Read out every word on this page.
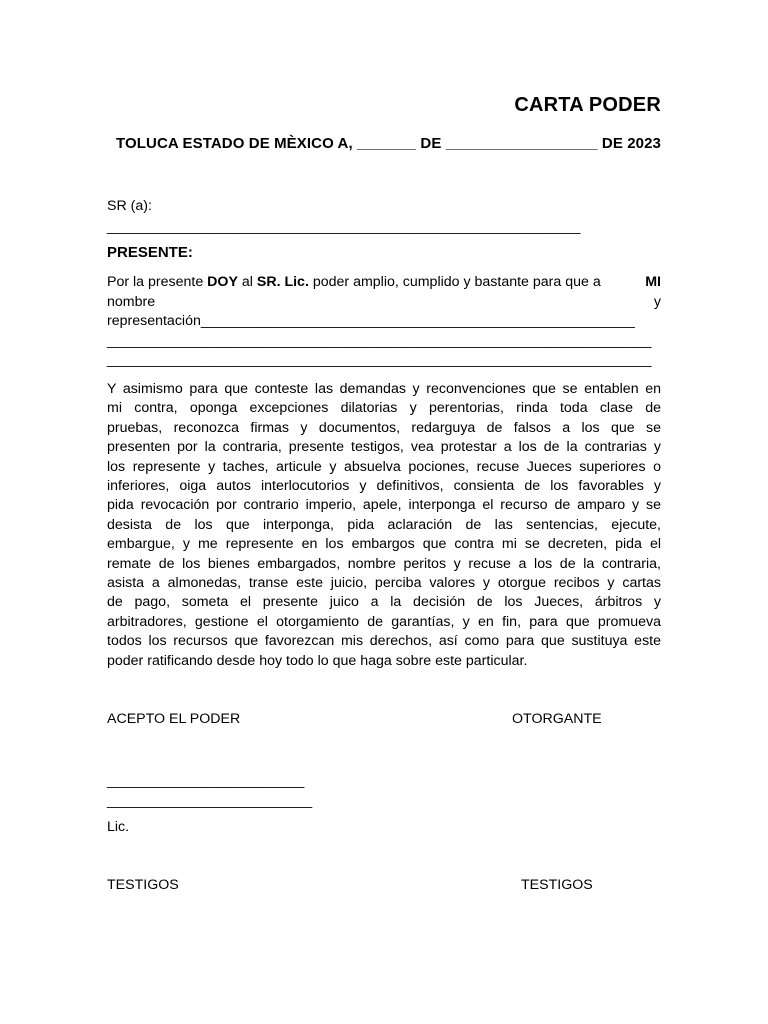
CARTA PODER
TOLUCA ESTADO DE MÈXICO A, _______ DE __________________ DE 2023
SR (a):
____________________________________________________________
PRESENTE:
Por la presente DOY al SR. Lic. poder amplio, cumplido y bastante para que a	MI
nombre	y
representación_______________________________________________________
_____________________________________________________________________
_____________________________________________________________________
Y asimismo para que conteste las demandas y reconvenciones que se entablen en
mi contra, oponga excepciones dilatorias y perentorias, rinda toda clase de
pruebas, reconozca firmas y documentos, redarguya de falsos a los que se
presenten por la contraria, presente testigos, vea protestar a los de la contrarias y
los represente y taches, articule y absuelva pociones, recuse Jueces superiores o
inferiores, oiga autos interlocutorios y definitivos, consienta de los favorables y
pida revocación por contrario imperio, apele, interponga el recurso de amparo y se
desista de los que interponga, pida aclaración de las sentencias, ejecute,
embargue, y me represente en los embargos que contra mi se decreten, pida el
remate de los bienes embargados, nombre peritos y recuse a los de la contraria,
asista a almonedas, transe este juicio, perciba valores y otorgue recibos y cartas
de pago, someta el presente juico a la decisión de los Jueces, árbitros y
arbitradores, gestione el otorgamiento de garantías, y en fin, para que promueva
todos los recursos que favorezcan mis derechos, así como para que sustituya este
poder ratificando desde hoy todo lo que haga sobre este particular.
ACEPTO EL PODER	OTORGANTE
_________________________
__________________________
Lic.
TESTIGOS	TESTIGOS
